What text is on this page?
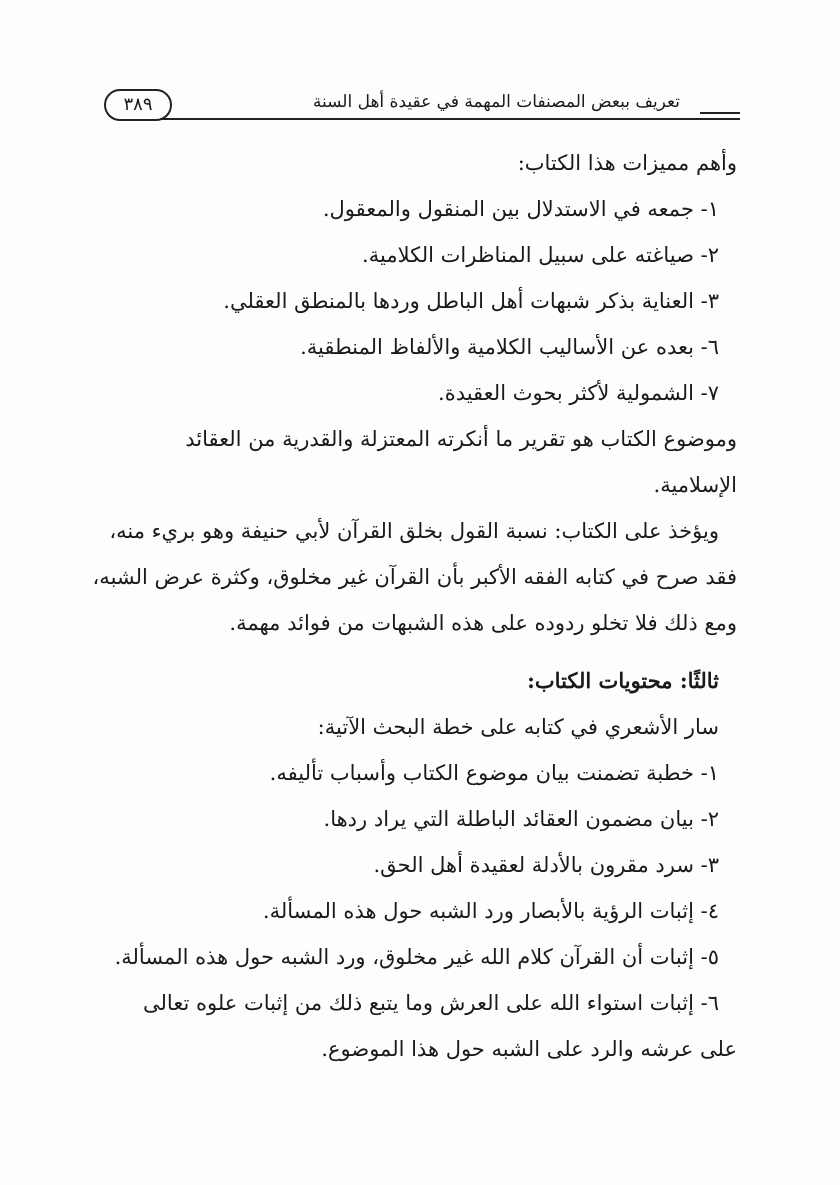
تعريف ببعض المصنفات المهمة في عقيدة أهل السنة
٣٨٩
وأهم مميزات هذا الكتاب:
١- جمعه في الاستدلال بين المنقول والمعقول.
٢- صياغته على سبيل المناظرات الكلامية.
٣- العناية بذكر شبهات أهل الباطل وردها بالمنطق العقلي.
٦- بعده عن الأساليب الكلامية والألفاظ المنطقية.
٧- الشمولية لأكثر بحوث العقيدة.
وموضوع الكتاب هو تقرير ما أنكرته المعتزلة والقدرية من العقائد
الإسلامية.
ويؤخذ على الكتاب: نسبة القول بخلق القرآن لأبي حنيفة وهو بريء منه،
فقد صرح في كتابه الفقه الأكبر بأن القرآن غير مخلوق، وكثرة عرض الشبه،
ومع ذلك فلا تخلو ردوده على هذه الشبهات من فوائد مهمة.
ثالثًا: محتويات الكتاب:
سار الأشعري في كتابه على خطة البحث الآتية:
١- خطبة تضمنت بيان موضوع الكتاب وأسباب تأليفه.
٢- بيان مضمون العقائد الباطلة التي يراد ردها.
٣- سرد مقرون بالأدلة لعقيدة أهل الحق.
٤- إثبات الرؤية بالأبصار ورد الشبه حول هذه المسألة.
٥- إثبات أن القرآن كلام الله غير مخلوق، ورد الشبه حول هذه المسألة.
٦- إثبات استواء الله على العرش وما يتبع ذلك من إثبات علوه تعالى
على عرشه والرد على الشبه حول هذا الموضوع.
